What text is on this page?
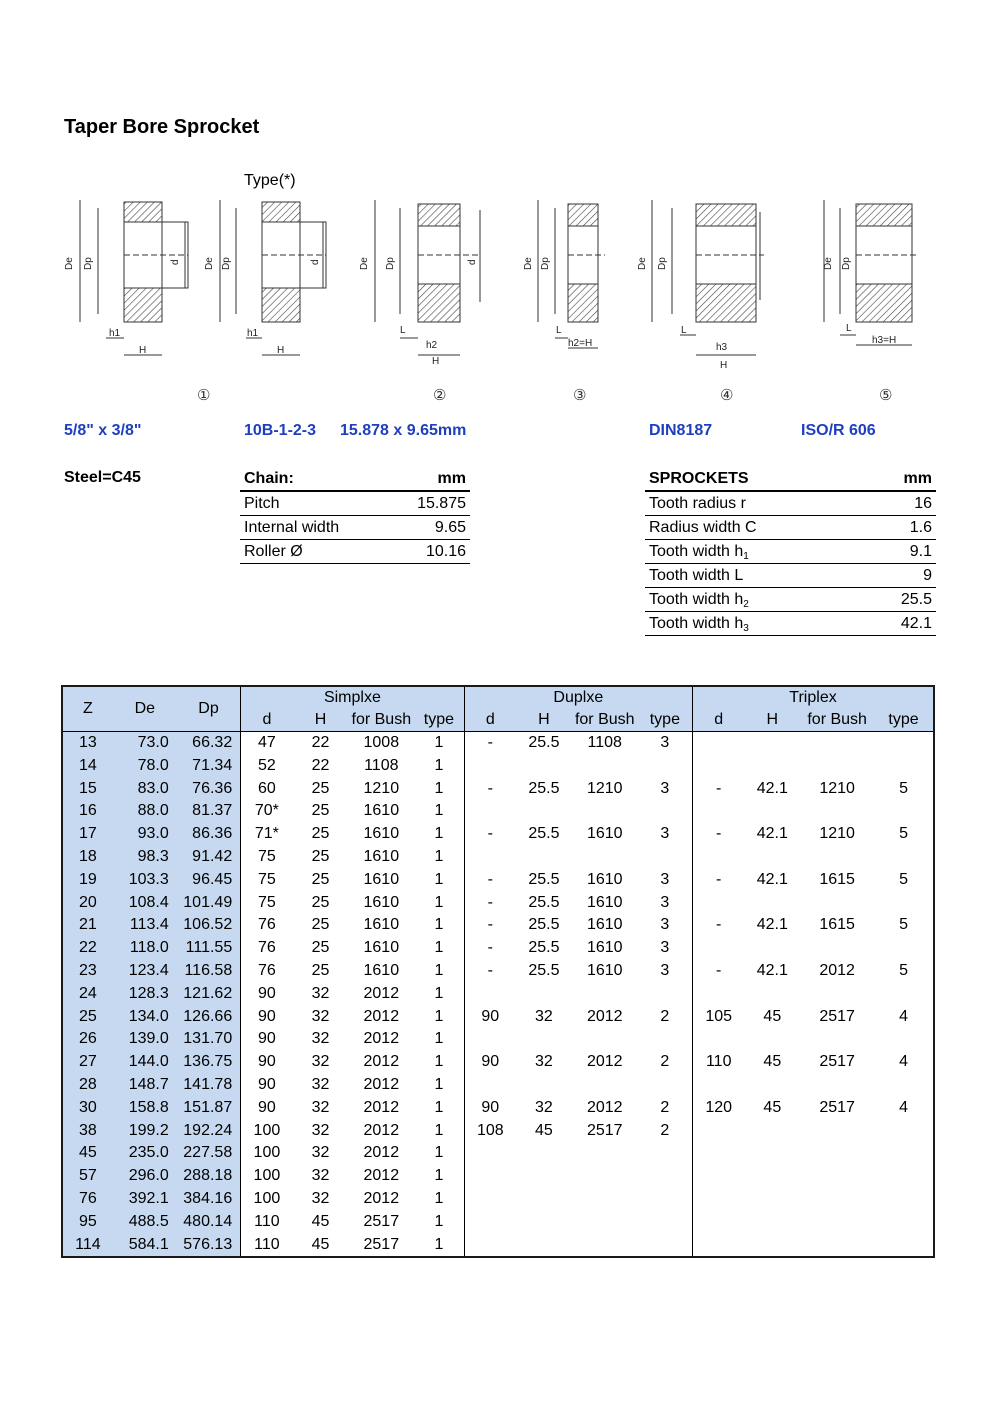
Taper Bore Sprocket
Type(*)
De Dp	d
h1
H
De Dp	d
h1
H
De Dp	d
L
h2
H
De Dp
L
h2=H
De Dp
L
h3
H
De Dp
L
h3=H
①	②	③	④	⑤
5/8" x 3/8"	10B-1-2-3 15.878 x 9.65mm	DIN8187	ISO/R 606
Steel=C45	Chain:	mm
Pitch	15.875
Internal width	9.65
Roller Ø	10.16
SPROCKETS	mm
Tooth radius r	16
Radius width C	1.6
Tooth width $h_1$	9.1
Tooth width L	9
Tooth width $h_2$	25.5
Tooth width $h_3$	42.1
Z	De	Dp	Simplxe				Duplxe				Triplex			
			d	H	for Bush	type	d	H	for Bush	type	d	H	for Bush	type
13	73.0	66.32	47	22	1008	1	-	25.5	1108	3				
14	78.0	71.34	52	22	1108	1								
15	83.0	76.36	60	25	1210	1	-	25.5	1210	3	-	42.1	1210	5
16	88.0	81.37	70*	25	1610	1								
17	93.0	86.36	71*	25	1610	1	-	25.5	1610	3	-	42.1	1210	5
18	98.3	91.42	75	25	1610	1								
19	103.3	96.45	75	25	1610	1	-	25.5	1610	3	-	42.1	1615	5
20	108.4	101.49	75	25	1610	1	-	25.5	1610	3				
21	113.4	106.52	76	25	1610	1	-	25.5	1610	3	-	42.1	1615	5
22	118.0	111.55	76	25	1610	1	-	25.5	1610	3				
23	123.4	116.58	76	25	1610	1	-	25.5	1610	3	-	42.1	2012	5
24	128.3	121.62	90	32	2012	1								
25	134.0	126.66	90	32	2012	1	90	32	2012	2	105	45	2517	4
26	139.0	131.70	90	32	2012	1								
27	144.0	136.75	90	32	2012	1	90	32	2012	2	110	45	2517	4
28	148.7	141.78	90	32	2012	1								
30	158.8	151.87	90	32	2012	1	90	32	2012	2	120	45	2517	4
38	199.2	192.24	100	32	2012	1	108	45	2517	2				
45	235.0	227.58	100	32	2012	1								
57	296.0	288.18	100	32	2012	1								
76	392.1	384.16	100	32	2012	1								
95	488.5	480.14	110	45	2517	1								
114	584.1	576.13	110	45	2517	1								
